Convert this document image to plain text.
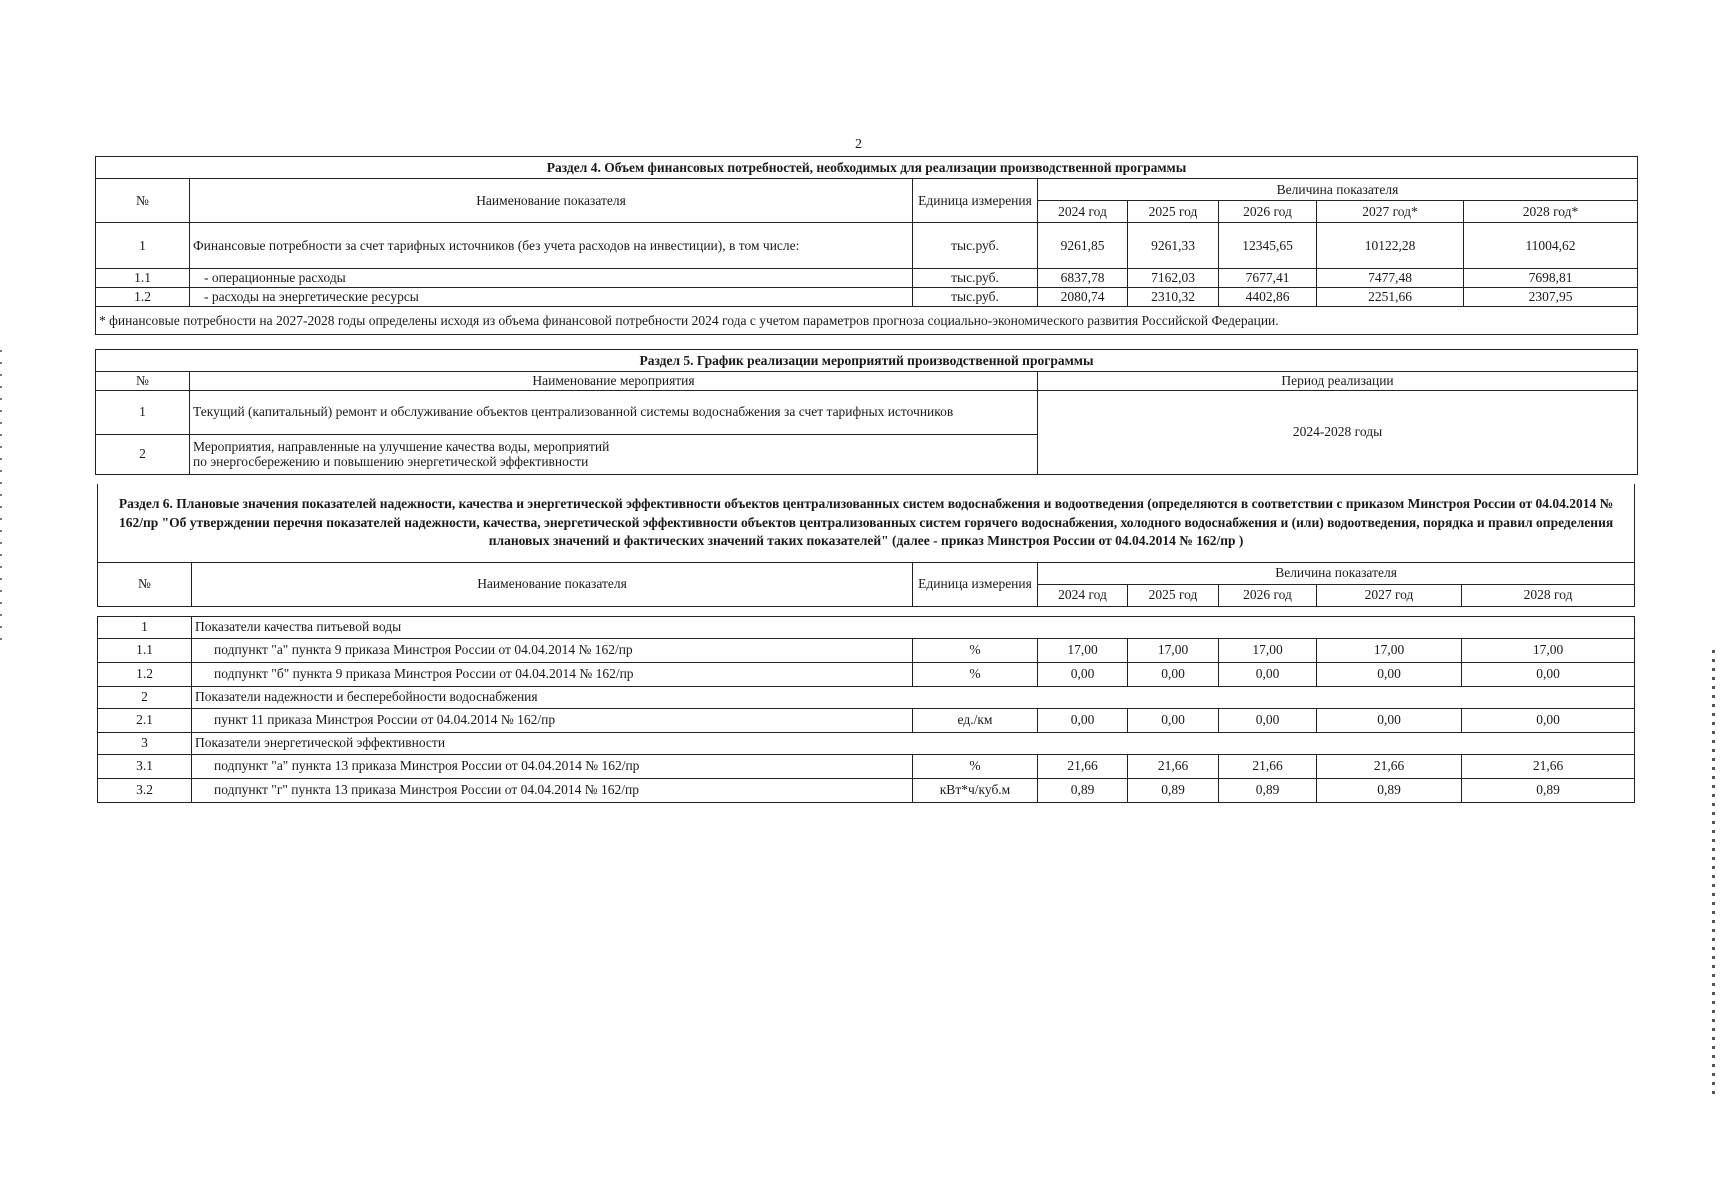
2
Раздел 4. Объем финансовых потребностей, необходимых для реализации производственной программы							
№	Наименование показателя	Единица измерения	Величина показателя				
			2024 год	2025 год	2026 год	2027 год*	2028 год*
1	Финансовые потребности за счет тарифных источников (без учета расходов на инвестиции), в том числе:	тыс.руб.	9261,85	9261,33	12345,65	10122,28	11004,62
1.1	- операционные расходы	тыс.руб.	6837,78	7162,03	7677,41	7477,48	7698,81
1.2	- расходы на энергетические ресурсы	тыс.руб.	2080,74	2310,32	4402,86	2251,66	2307,95
* финансовые потребности на 2027-2028 годы определены исходя из объема финансовой потребности 2024 года с учетом параметров прогноза социально-экономического развития Российской Федерации.							
Раздел 5. График реализации мероприятий производственной программы		
№	Наименование мероприятия	Период реализации
1	Текущий (капитальный) ремонт и обслуживание объектов централизованной системы водоснабжения за счет тарифных источников	2024-2028 годы
2	Мероприятия, направленные на улучшение качества воды, мероприятий
по энергосбережению и повышению энергетической эффективности	
Раздел 6. Плановые значения показателей надежности, качества и энергетической эффективности объектов централизованных систем водоснабжения и водоотведения (определяются в соответствии с приказом Минстроя России от 04.04.2014 № 162/пр "Об утверждении перечня показателей надежности, качества, энергетической эффективности объектов централизованных систем горячего водоснабжения, холодного водоснабжения и (или) водоотведения, порядка и правил определения плановых значений и фактических значений таких показателей" (далее - приказ Минстроя России от 04.04.2014 № 162/пр )							
№	Наименование показателя	Единица измерения	Величина показателя				
			2024 год	2025 год	2026 год	2027 год	2028 год

1	Показатели качества питьевой воды						
1.1	подпункт "а" пункта 9 приказа Минстроя России от 04.04.2014 № 162/пр	%	17,00	17,00	17,00	17,00	17,00
1.2	подпункт "б" пункта 9 приказа Минстроя России от 04.04.2014 № 162/пр	%	0,00	0,00	0,00	0,00	0,00
2	Показатели надежности и бесперебойности водоснабжения						
2.1	пункт 11 приказа Минстроя России от 04.04.2014 № 162/пр	ед./км	0,00	0,00	0,00	0,00	0,00
3	Показатели энергетической эффективности						
3.1	подпункт "а" пункта 13 приказа Минстроя России от 04.04.2014 № 162/пр	%	21,66	21,66	21,66	21,66	21,66
3.2	подпункт "г" пункта 13 приказа Минстроя России от 04.04.2014 № 162/пр	кВт*ч/куб.м	0,89	0,89	0,89	0,89	0,89
